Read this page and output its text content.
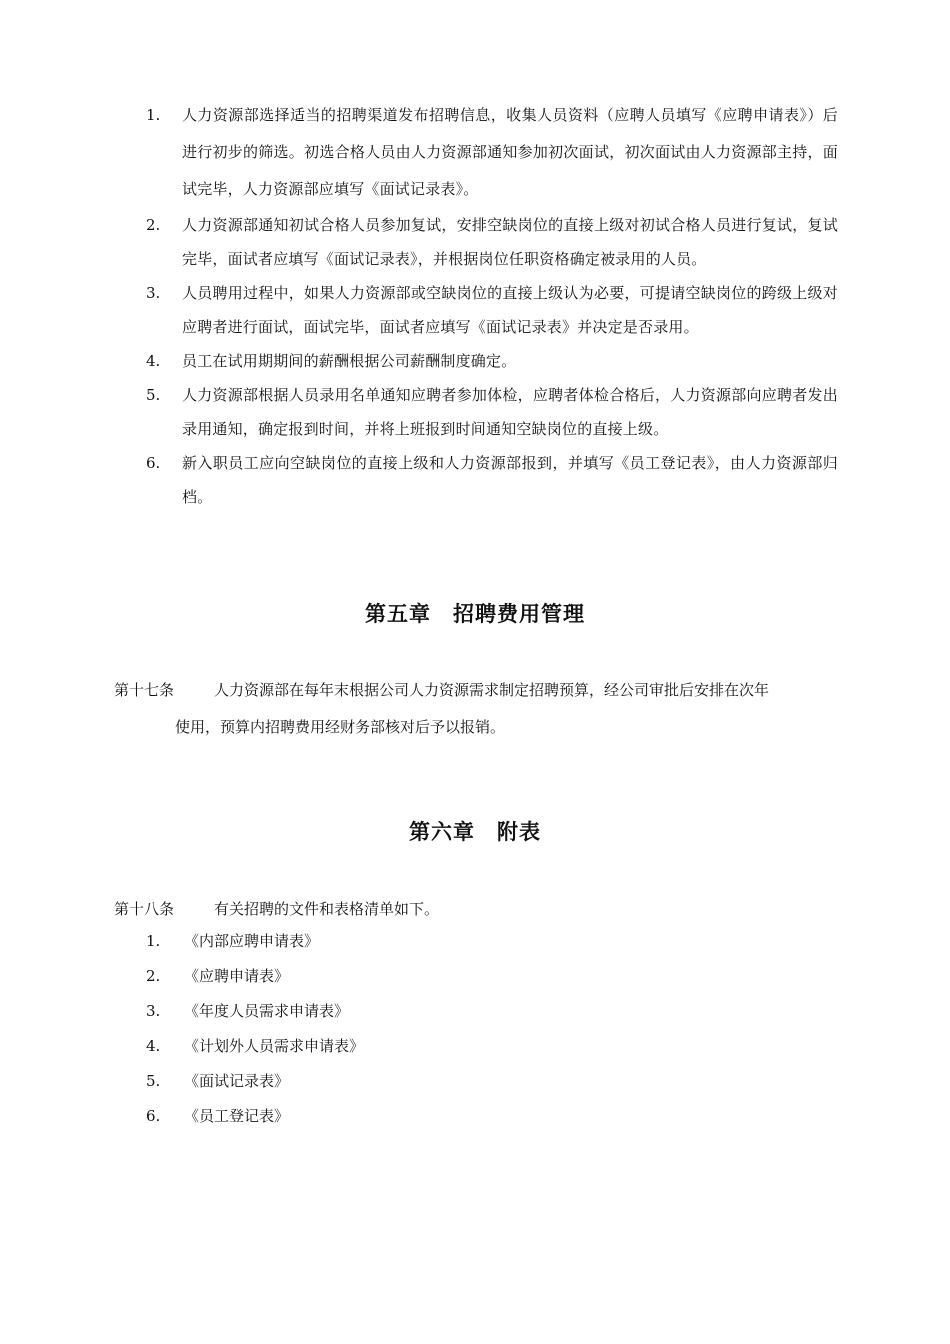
1.	人力资源部选择适当的招聘渠道发布招聘信息，收集人员资料（应聘人员填写《应聘申请表》）后进行初步的筛选。初选合格人员由人力资源部通知参加初次面试，初次面试由人力资源部主持，面试完毕，人力资源部应填写《面试记录表》。
2.	人力资源部通知初试合格人员参加复试，安排空缺岗位的直接上级对初试合格人员进行复试，复试完毕，面试者应填写《面试记录表》，并根据岗位任职资格确定被录用的人员。
3.	人员聘用过程中，如果人力资源部或空缺岗位的直接上级认为必要，可提请空缺岗位的跨级上级对应聘者进行面试，面试完毕，面试者应填写《面试记录表》并决定是否录用。
4.	员工在试用期期间的薪酬根据公司薪酬制度确定。
5.	人力资源部根据人员录用名单通知应聘者参加体检，应聘者体检合格后，人力资源部向应聘者发出录用通知，确定报到时间，并将上班报到时间通知空缺岗位的直接上级。
6.	新入职员工应向空缺岗位的直接上级和人力资源部报到，并填写《员工登记表》，由人力资源部归档。
第五章　招聘费用管理
第十七条	人力资源部在每年末根据公司人力资源需求制定招聘预算，经公司审批后安排在次年
使用，预算内招聘费用经财务部核对后予以报销。
第六章　附表
第十八条	有关招聘的文件和表格清单如下。
1.	《内部应聘申请表》
2.	《应聘申请表》
3.	《年度人员需求申请表》
4.	《计划外人员需求申请表》
5.	《面试记录表》
6.	《员工登记表》
